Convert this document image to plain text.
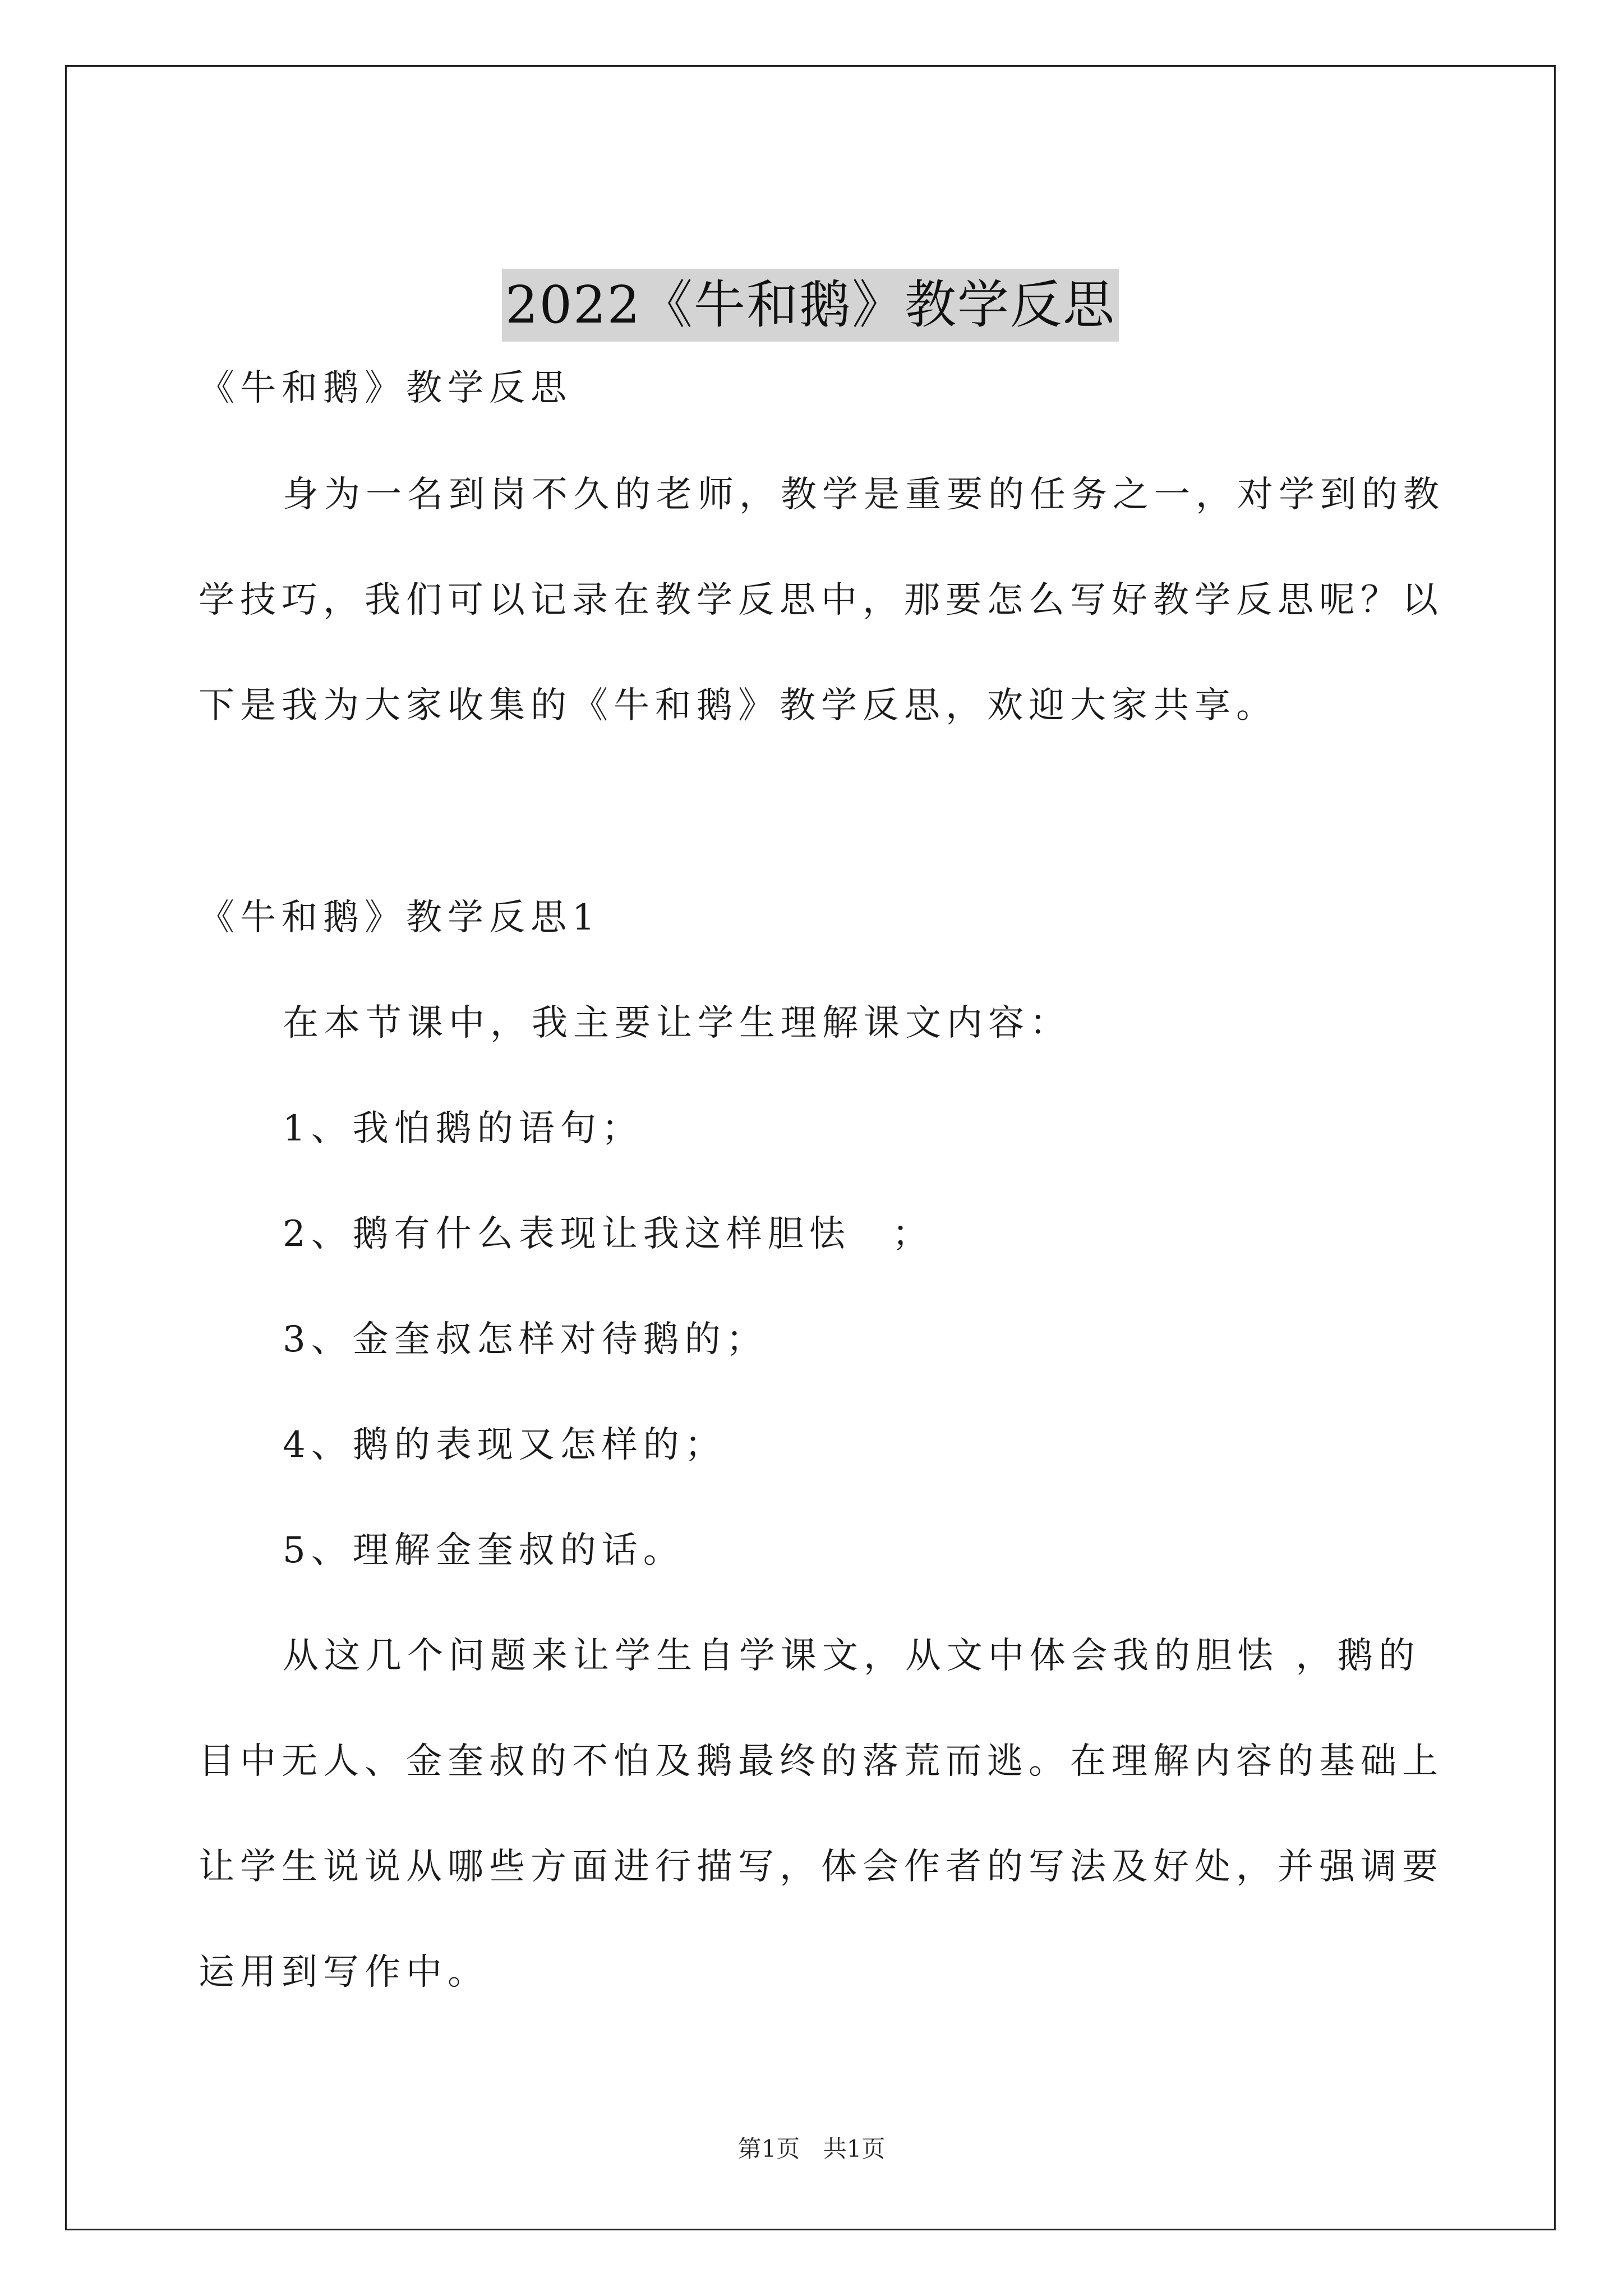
2022《牛和鹅》教学反思
《牛和鹅》教学反思
身为一名到岗不久的老师，教学是重要的任务之一，对学到的教
学技巧，我们可以记录在教学反思中，那要怎么写好教学反思呢？以
下是我为大家收集的《牛和鹅》教学反思，欢迎大家共享。
《牛和鹅》教学反思1
在本节课中，我主要让学生理解课文内容：
1、我怕鹅的语句；
2、鹅有什么表现让我这样胆怯　；
3、金奎叔怎样对待鹅的；
4、鹅的表现又怎样的；
5、理解金奎叔的话。
从这几个问题来让学生自学课文，从文中体会我的胆怯 ，鹅的
目中无人、金奎叔的不怕及鹅最终的落荒而逃。在理解内容的基础上
让学生说说从哪些方面进行描写，体会作者的写法及好处，并强调要
运用到写作中。
第1页 共1页
